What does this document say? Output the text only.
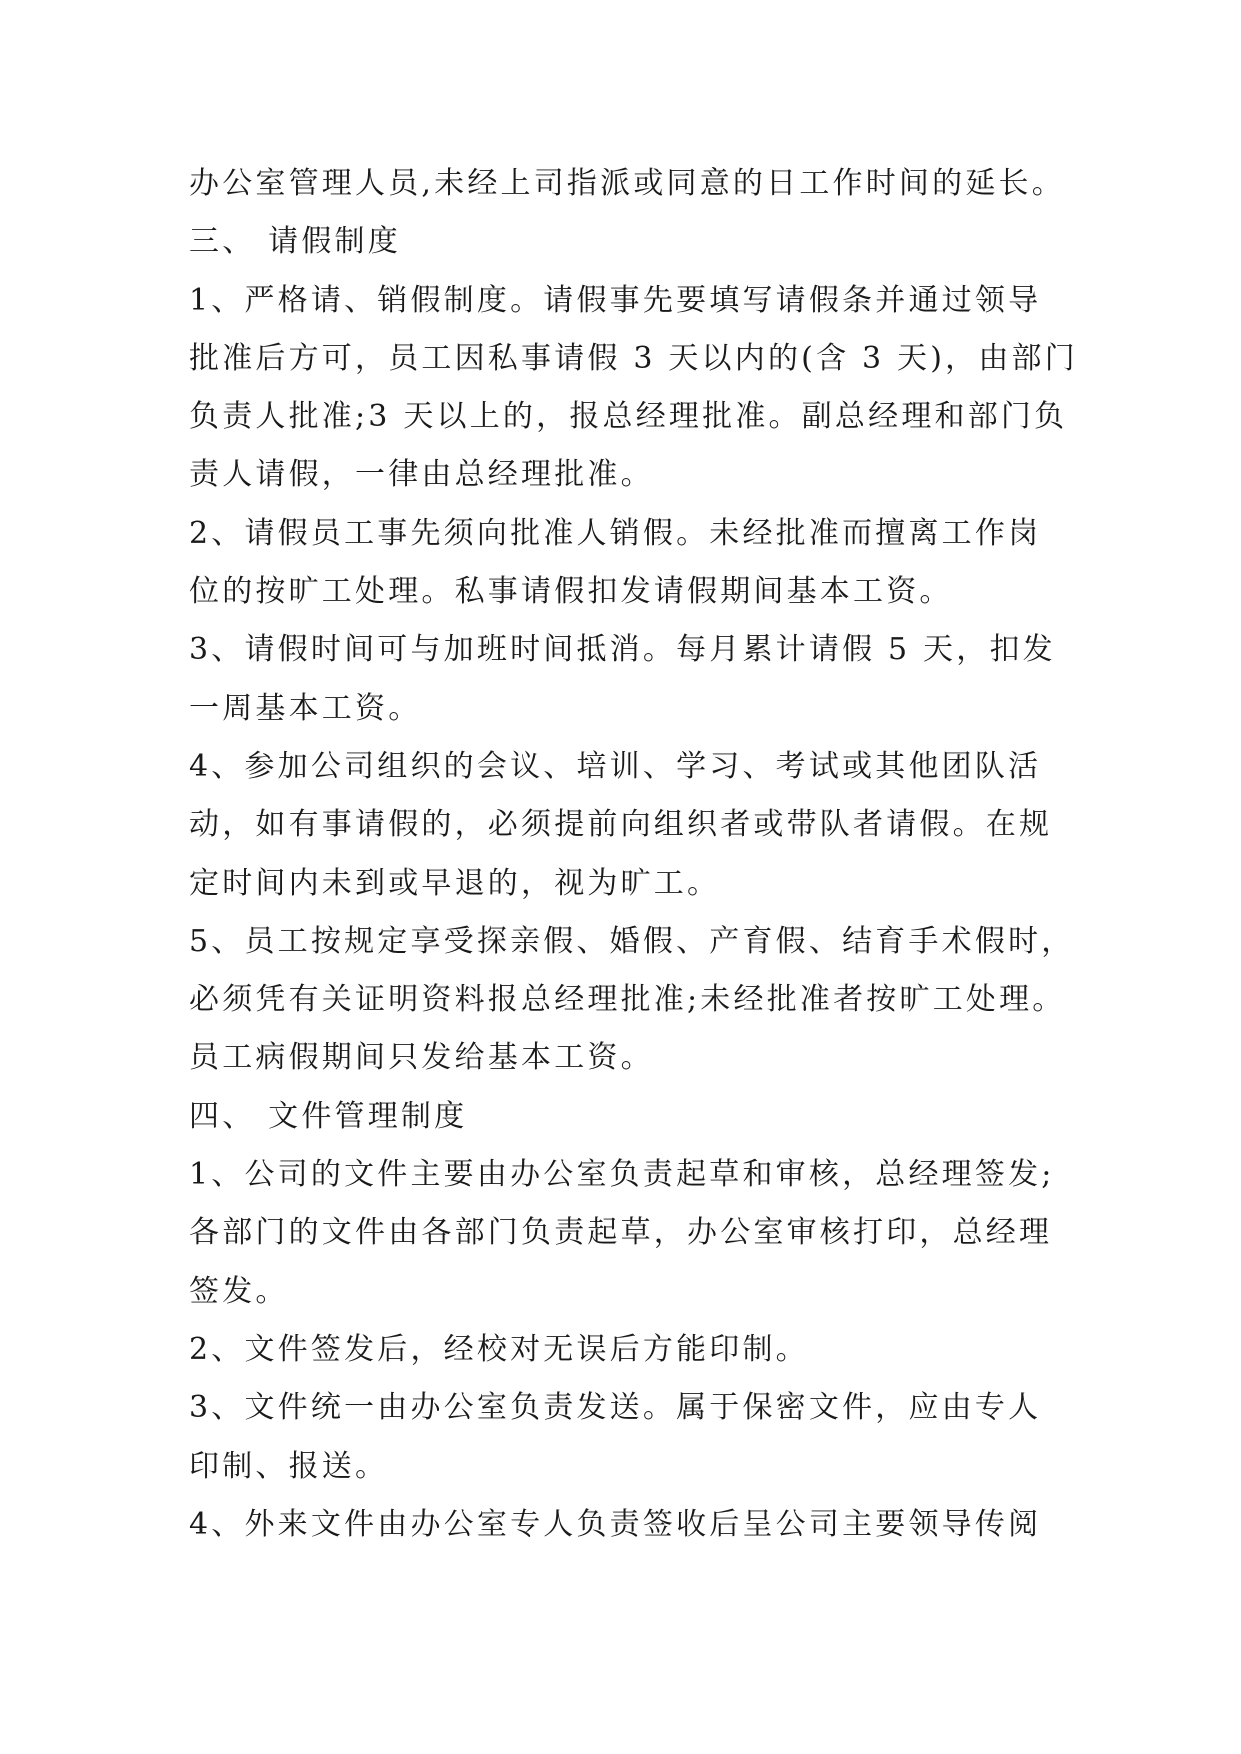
办公室管理人员,未经上司指派或同意的日工作时间的延长。
三、 请假制度
1、严格请、销假制度。请假事先要填写请假条并通过领导
批准后方可，员工因私事请假 3 天以内的(含 3 天)，由部门
负责人批准;3 天以上的，报总经理批准。副总经理和部门负
责人请假，一律由总经理批准。
2、请假员工事先须向批准人销假。未经批准而擅离工作岗
位的按旷工处理。私事请假扣发请假期间基本工资。
3、请假时间可与加班时间抵消。每月累计请假 5 天，扣发
一周基本工资。
4、参加公司组织的会议、培训、学习、考试或其他团队活
动，如有事请假的，必须提前向组织者或带队者请假。在规
定时间内未到或早退的，视为旷工。
5、员工按规定享受探亲假、婚假、产育假、结育手术假时，
必须凭有关证明资料报总经理批准;未经批准者按旷工处理。
员工病假期间只发给基本工资。
四、 文件管理制度
1、公司的文件主要由办公室负责起草和审核，总经理签发;
各部门的文件由各部门负责起草，办公室审核打印，总经理
签发。
2、文件签发后，经校对无误后方能印制。
3、文件统一由办公室负责发送。属于保密文件，应由专人
印制、报送。
4、外来文件由办公室专人负责签收后呈公司主要领导传阅
